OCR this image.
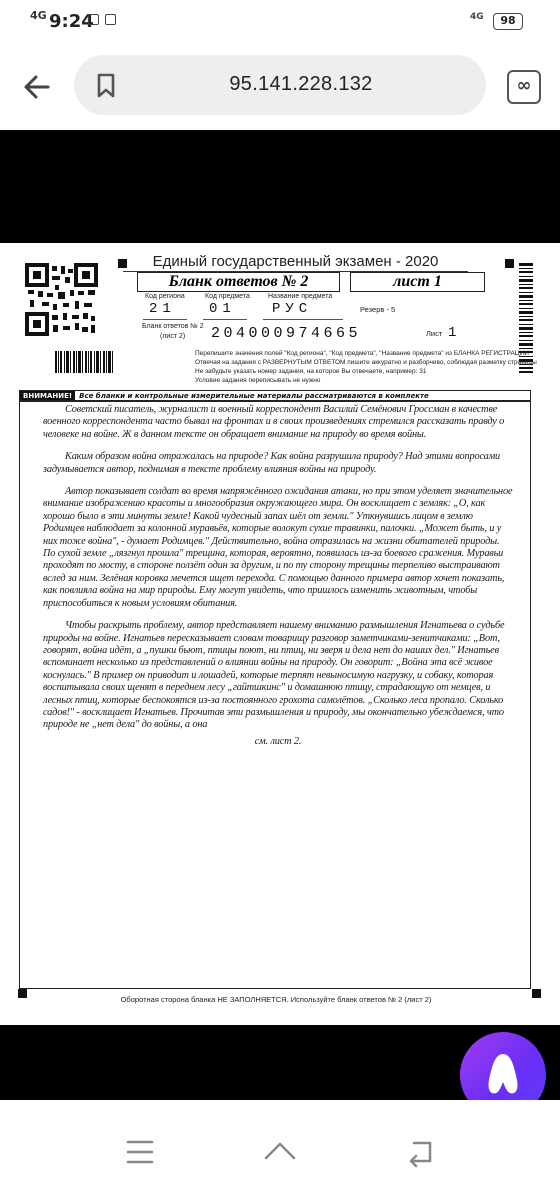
4G 9:24	4G	98
95.141.228.132	∞
Единый государственный экзамен - 2020
Бланк ответов № 2	лист 1
Код региона
21
Код предмета
01
Название предмета
РУС	Резерв - 5
Бланк ответов № 2
(лист 2) 204000974665	Лист 1
Перепишите значения полей "Код региона", "Код предмета", "Название предмета" из БЛАНКА РЕГИСТРАЦИИ
Отвечая на задания с РАЗВЕРНУТЫМ ОТВЕТОМ пишите аккуратно и разборчиво, соблюдая разметку страницы
Не забудьте указать номер задания, на которое Вы отвечаете, например: 31
Условие задания переписывать не нужно
ВНИМАНИЕ!	Все бланки и контрольные измерительные материалы рассматриваются в комплекте
Оборотная сторона бланка НЕ ЗАПОЛНЯЕТСЯ. Используйте бланк ответов № 2 (лист 2)

Советский писатель, журналист и военный корреспондент Василий Семёнович Гроссман в качестве военного корреспондента часто бывал на фронтах и в своих произведениях стремился рассказать правду о человеке на войне. Ж в данном тексте он обращает внимание на природу во время войны.

Каким образом война отражалась на природе? Как война разрушила природу? Над этими вопросами задумывается автор, поднимая в тексте проблему влияния войны на природу.

Автор показывает солдат во время напряжённого ожидания атаки, но при этом уделяет значительное внимание изображению красоты и многообразия окружающего мира. Он восклицает с земляк: „О, как хорошо было в эти минуты земле! Какой чудесный запах шёл от земли." Уткнувшись лицом в землю Родимцев наблюдает за колонной муравьёв, которые волокут сухие травинки, палочки. „Может быть, и у них тоже война", - думает Родимцев." Действительно, война отразилась на жизни обитателей природы. По сухой земле „лязгнул прошла" трещина, которая, вероятно, появилась из-за боевого сражения. Муравьи проходят по мосту, в стороне ползёт один за другим, и по ту сторону трещины терпеливо выстраивают вслед за ним. Зелёная коровка мечется ищет перехода. С помощью данного примера автор хочет показать, как повлияла война на мир природы. Ему могут увидеть, что пришлось изменить животным, чтобы приспособиться к новым условиям обитания.

Чтобы раскрыть проблему, автор представляет нашему вниманию размышления Игнатьева о судьбе природы на войне. Игнатьев пересказывает словам товарищу разговор заметчиками-зенитчиками: „Вот, говорят, война идёт, а „пушки бьют, птицы поют, ни птиц, ни зверя и дела нет до наших дел." Игнатьев вспоминает несколько из представлений о влиянии войны на природу. Он говорит: „Война эта всё живое коснулась." В пример он приводит и лошадей, которые терпят невыносимую нагрузку, и собаку, которая воспитывала своих щенят в переднем лесу „гайтшкинс" и домашнюю птицу, страдающую от немцев, и лесных птиц, которые беспокоятся из-за постоянного грохота самолётов. „Сколько леса пропало. Сколько садов!" - восклицает Игнатьев. Прочитав эти размышления и природу, мы окончательно убеждаемся, что природе не „нет дела" до войны, а она

см. лист 2.
